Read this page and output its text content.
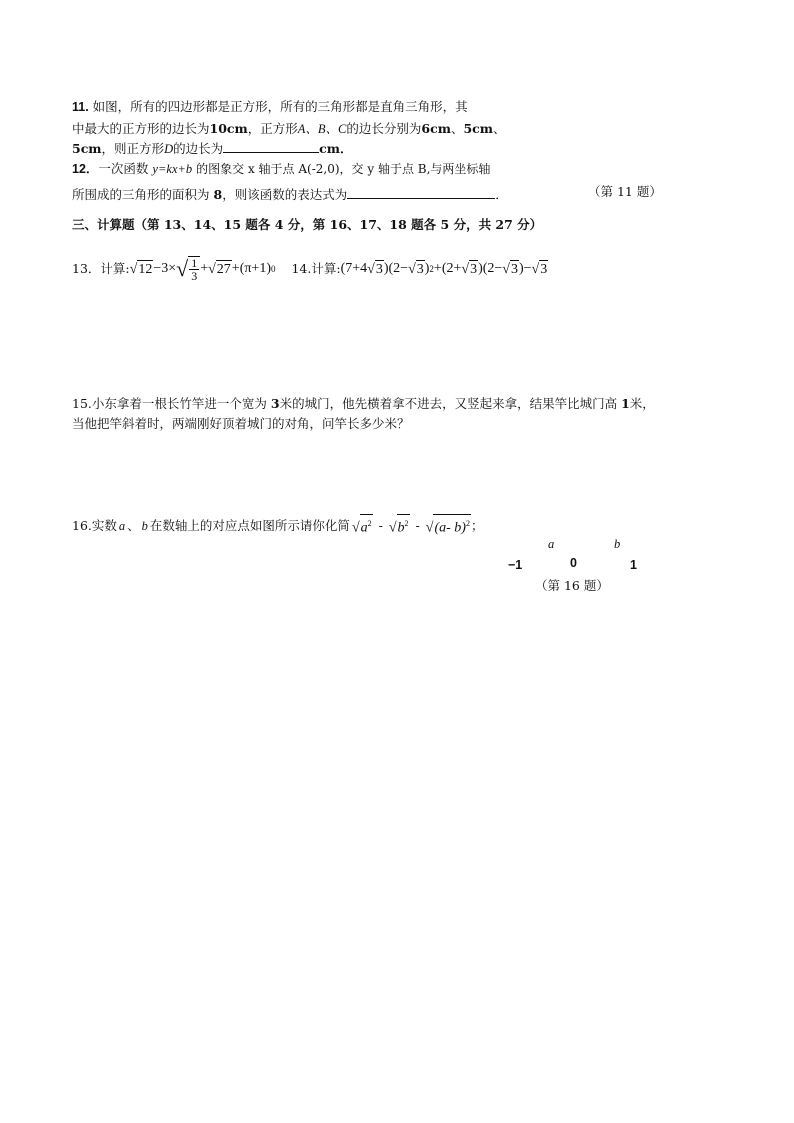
11. 如图，所有的四边形都是正方形，所有的三角形都是直角三角形，其
中最大的正方形的边长为10cm，正方形A、B、C的边长分别为6cm、5cm、
5cm，则正方形D的边长为	cm．
12．一次函数 y=kx+b 的图象交 x 轴于点 A(-2,0)，交 y 轴于点 B,与两坐标轴
所围成的三角形的面积为 8，则该函数的表达式为	．	（第 11 题）
三、计算题（第 13、14、15 题各 4 分，第 16、17、18 题各 5 分，共 27 分）
13．计算: √12 −3× √ $\frac{1}{3} + √27 + (\pi+1)$ 0 14.计算: (7+4 √3 )(2− √3 ) 2 +(2+ √3 )(2− √3 )− √3
15.小东拿着一根长竹竿进一个宽为 3米的城门，他先横着拿不进去，又竖起来拿，结果竿比城门高 1米，
当他把竿斜着时，两端刚好顶着城门的对角，问竿长多少米？
16. 实数 a 、 b 在数轴上的对应点如图所示请你化简 $√a^2 - √b^2 - √(a-$ b)$^2$ ；
a	b
−1	0	1
（第 16 题）
